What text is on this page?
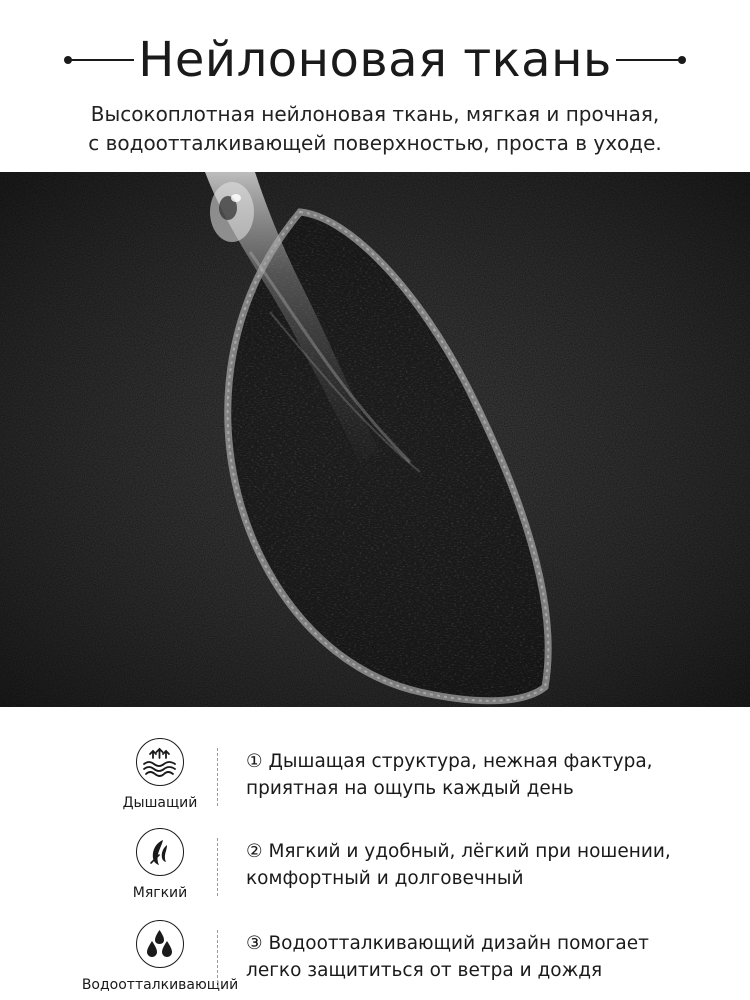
Нейлоновая ткань
Высокоплотная нейлоновая ткань, мягкая и прочная,
с водоотталкивающей поверхностью, проста в уходе.
Дышащий
① Дышащая структура, нежная фактура,
приятная на ощупь каждый день
Мягкий
② Мягкий и удобный, лёгкий при ношении,
комфортный и долговечный
Водоотталкивающий
③ Водоотталкивающий дизайн помогает
легко защититься от ветра и дождя
